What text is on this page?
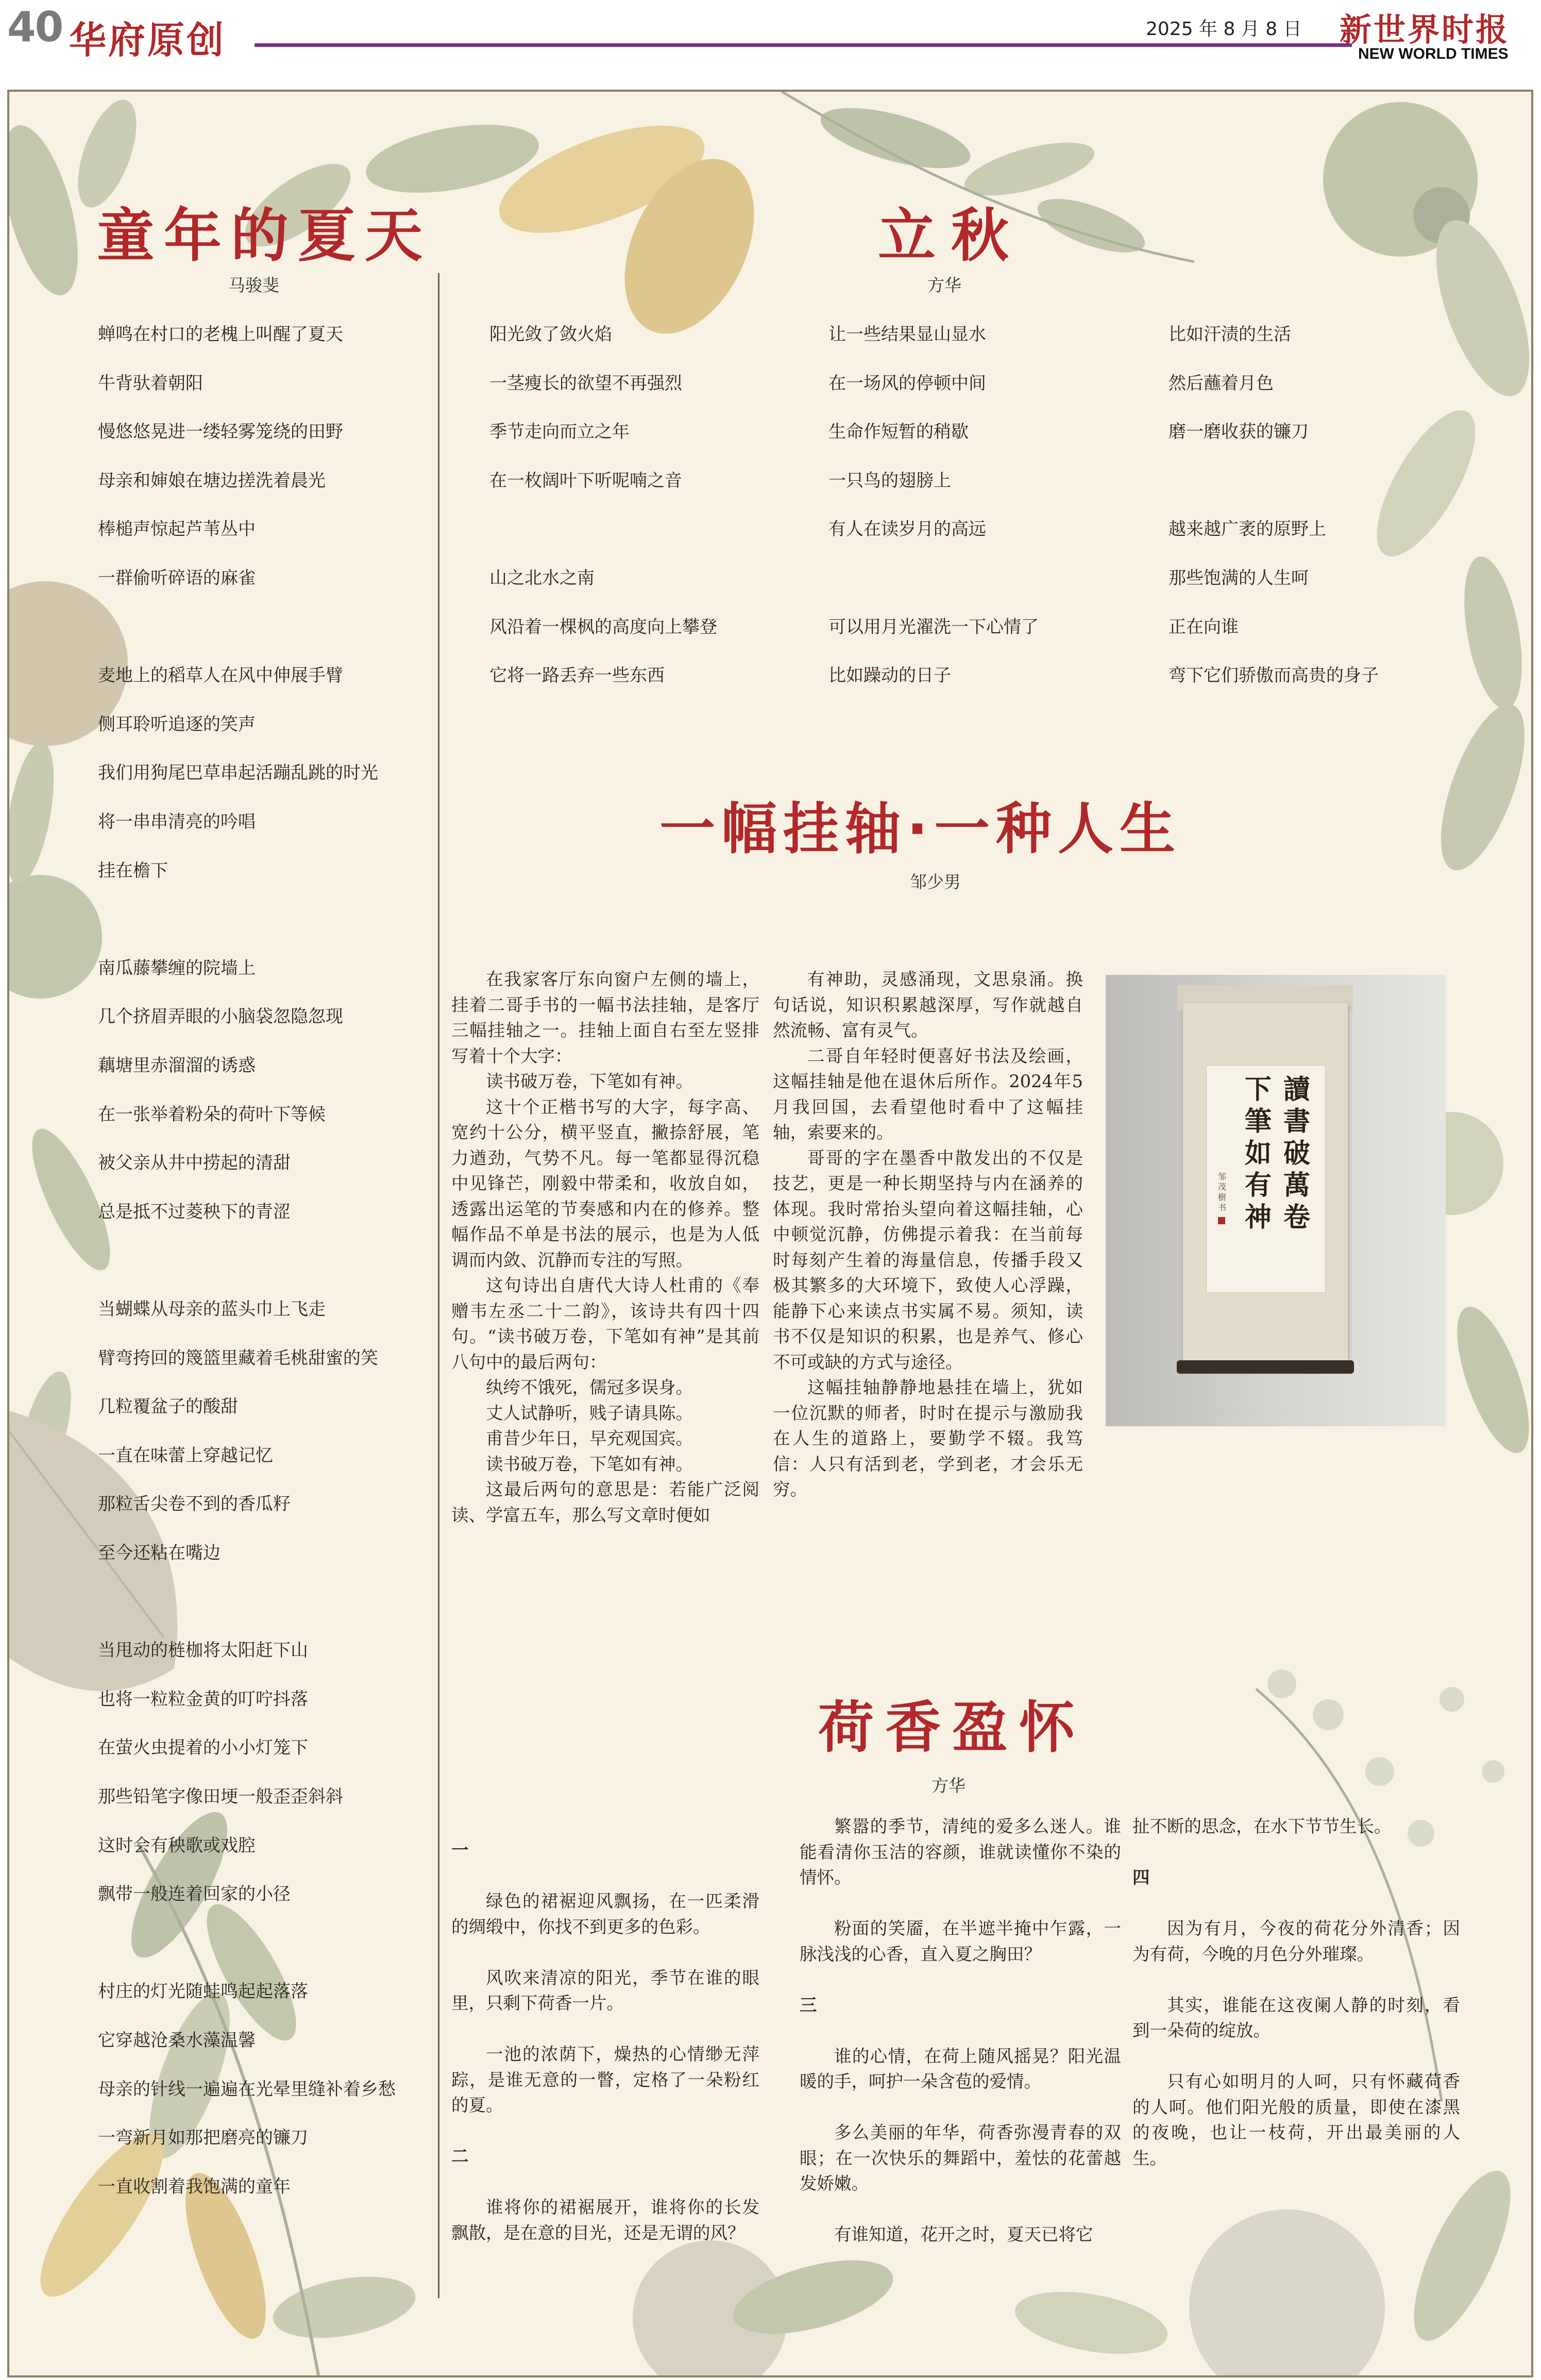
40 华府原创	2025 年 8 月 8 日 新世界时报
NEW WORLD TIMES
童年的夏天
马骏斐
蝉鸣在村口的老槐上叫醒了夏天
牛背驮着朝阳
慢悠悠晃进一缕轻雾笼绕的田野
母亲和婶娘在塘边搓洗着晨光
棒槌声惊起芦苇丛中
一群偷听碎语的麻雀
麦地上的稻草人在风中伸展手臂
侧耳聆听追逐的笑声
我们用狗尾巴草串起活蹦乱跳的时光
将一串串清亮的吟唱
挂在檐下
南瓜藤攀缠的院墙上
几个挤眉弄眼的小脑袋忽隐忽现
藕塘里赤溜溜的诱惑
在一张举着粉朵的荷叶下等候
被父亲从井中捞起的清甜
总是抵不过菱秧下的青涩
当蝴蝶从母亲的蓝头巾上飞走
臂弯挎回的篾篮里藏着毛桃甜蜜的笑
几粒覆盆子的酸甜
一直在味蕾上穿越记忆
那粒舌尖卷不到的香瓜籽
至今还粘在嘴边
当甩动的梿枷将太阳赶下山
也将一粒粒金黄的叮咛抖落
在萤火虫提着的小小灯笼下
那些铅笔字像田埂一般歪歪斜斜
这时会有秧歌或戏腔
飘带一般连着回家的小径
村庄的灯光随蛙鸣起起落落
它穿越沧桑水藻温馨
母亲的针线一遍遍在光晕里缝补着乡愁
一弯新月如那把磨亮的镰刀
一直收割着我饱满的童年
立秋
方华
阳光敛了敛火焰
一茎瘦长的欲望不再强烈
季节走向而立之年
在一枚阔叶下听呢喃之音
山之北水之南
风沿着一棵枫的高度向上攀登
它将一路丢弃一些东西
让一些结果显山显水
在一场风的停顿中间
生命作短暂的稍歇
一只鸟的翅膀上
有人在读岁月的高远
可以用月光濯洗一下心情了
比如躁动的日子
比如汗渍的生活
然后蘸着月色
磨一磨收获的镰刀
越来越广袤的原野上
那些饱满的人生呵
正在向谁
弯下它们骄傲而高贵的身子
一幅挂轴·一种人生
邹少男

在我家客厅东向窗户左侧的墙上，挂着二哥手书的一幅书法挂轴，是客厅三幅挂轴之一。挂轴上面自右至左竖排写着十个大字：

读书破万卷，下笔如有神。

这十个正楷书写的大字，每字高、宽约十公分，横平竖直，撇捺舒展，笔力遒劲，气势不凡。每一笔都显得沉稳中见锋芒，刚毅中带柔和，收放自如，透露出运笔的节奏感和内在的修养。整幅作品不单是书法的展示，也是为人低调而内敛、沉静而专注的写照。

这句诗出自唐代大诗人杜甫的《奉赠韦左丞二十二韵》，该诗共有四十四句。“读书破万卷，下笔如有神”是其前八句中的最后两句：

纨绔不饿死，儒冠多误身。

丈人试静听，贱子请具陈。

甫昔少年日，早充观国宾。

读书破万卷，下笔如有神。

这最后两句的意思是：若能广泛阅读、学富五车，那么写文章时便如

有神助，灵感涌现，文思泉涌。换句话说，知识积累越深厚，写作就越自然流畅、富有灵气。

二哥自年轻时便喜好书法及绘画，这幅挂轴是他在退休后所作。2024年5月我回国，去看望他时看中了这幅挂轴，索要来的。

哥哥的字在墨香中散发出的不仅是技艺，更是一种长期坚持与内在涵养的体现。我时常抬头望向着这幅挂轴，心中顿觉沉静，仿佛提示着我：在当前每时每刻产生着的海量信息，传播手段又极其繁多的大环境下，致使人心浮躁，能静下心来读点书实属不易。须知，读书不仅是知识的积累，也是养气、修心不可或缺的方式与途径。

这幅挂轴静静地悬挂在墙上，犹如一位沉默的师者，时时在提示与激励我在人生的道路上，要勤学不辍。我笃信：人只有活到老，学到老，才会乐无穷。

讀書破萬卷
下筆如有神
邹茂樹书
荷香盈怀
方华

一

绿色的裙裾迎风飘扬，在一匹柔滑的绸缎中，你找不到更多的色彩。

风吹来清凉的阳光，季节在谁的眼里，只剩下荷香一片。

一池的浓荫下，燥热的心情缈无萍踪，是谁无意的一瞥，定格了一朵粉红的夏。

二

谁将你的裙裾展开，谁将你的长发飘散，是在意的目光，还是无谓的风？

繁嚣的季节，清纯的爱多么迷人。谁能看清你玉洁的容颜，谁就读懂你不染的情怀。

粉面的笑靥，在半遮半掩中乍露，一脉浅浅的心香，直入夏之胸田？

三

谁的心情，在荷上随风摇晃？阳光温暖的手，呵护一朵含苞的爱情。

多么美丽的年华，荷香弥漫青春的双眼；在一次快乐的舞蹈中，羞怯的花蕾越发娇嫩。

有谁知道，花开之时，夏天已将它

扯不断的思念，在水下节节生长。

四

因为有月，今夜的荷花分外清香；因为有荷，今晚的月色分外璀璨。

其实，谁能在这夜阑人静的时刻，看到一朵荷的绽放。

只有心如明月的人呵，只有怀藏荷香的人呵。他们阳光般的质量，即使在漆黑的夜晚，也让一枝荷，开出最美丽的人生。
